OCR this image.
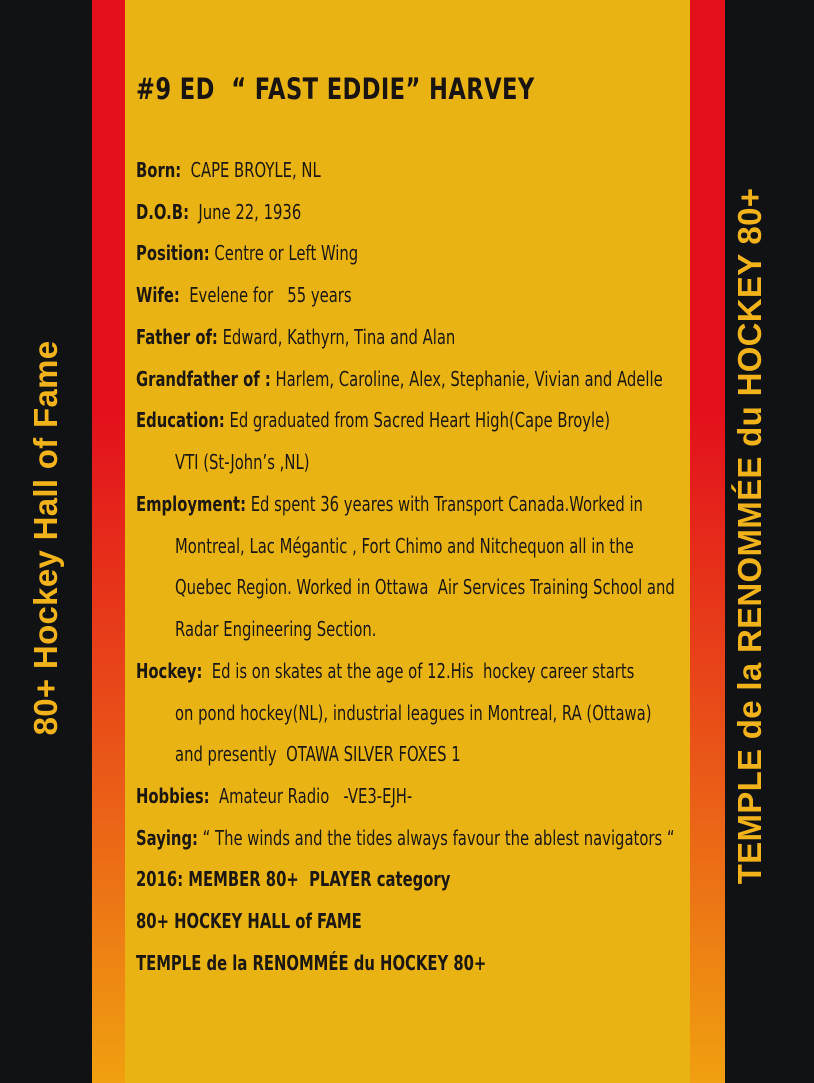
80+ Hockey Hall of Fame	TEMPLE de la RENOMMÉE du HOCKEY 80+
#9 ED  “ FAST EDDIE” HARVEY
Born:  CAPE BROYLE, NL
D.O.B:  June 22, 1936
Position: Centre or Left Wing
Wife:  Evelene for   55 years
Father of: Edward, Kathyrn, Tina and Alan
Grandfather of : Harlem, Caroline, Alex, Stephanie, Vivian and Adelle
Education: Ed graduated from Sacred Heart High(Cape Broyle)
VTI (St-John’s ,NL)
Employment: Ed spent 36 yeares with Transport Canada.Worked in
Montreal, Lac Mégantic , Fort Chimo and Nitchequon all in the
Quebec Region. Worked in Ottawa  Air Services Training School and
Radar Engineering Section.
Hockey:  Ed is on skates at the age of 12.His  hockey career starts
on pond hockey(NL), industrial leagues in Montreal, RA (Ottawa)
and presently  OTAWA SILVER FOXES 1
Hobbies:  Amateur Radio   -VE3-EJH-
Saying: “ The winds and the tides always favour the ablest navigators “
2016: MEMBER 80+  PLAYER category
80+ HOCKEY HALL of FAME
TEMPLE de la RENOMMÉE du HOCKEY 80+
